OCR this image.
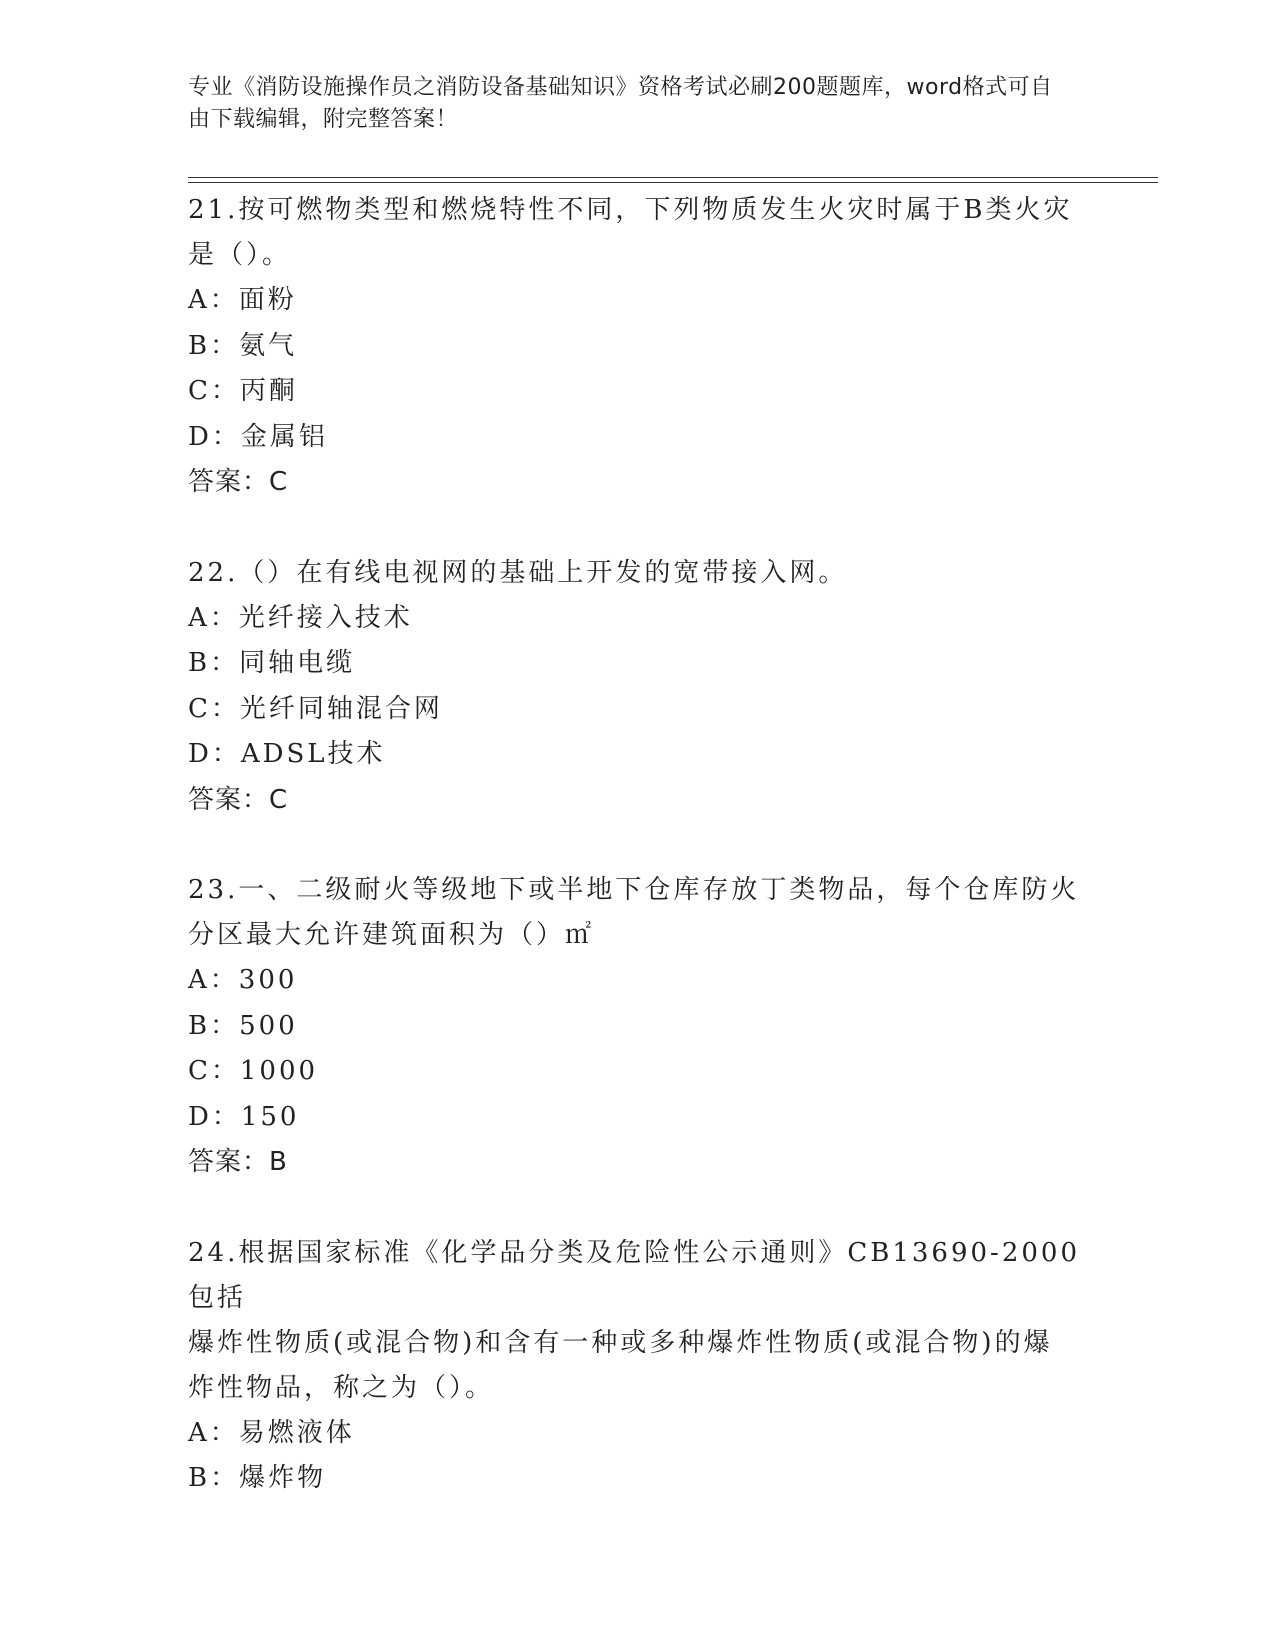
专业《消防设施操作员之消防设备基础知识》资格考试必刷200题题库，word格式可自由下载编辑，附完整答案！

21.按可燃物类型和燃烧特性不同，下列物质发生火灾时属于B类火灾

是（）。

A：面粉

B：氨气

C：丙酮

D：金属铝

答案：C

22.（）在有线电视网的基础上开发的宽带接入网。

A：光纤接入技术

B：同轴电缆

C：光纤同轴混合网

D：ADSL技术

答案：C

23.一、二级耐火等级地下或半地下仓库存放丁类物品，每个仓库防火

分区最大允许建筑面积为（）㎡

A：300

B：500

C：1000

D：150

答案：B

24.根据国家标准《化学品分类及危险性公示通则》CB13690-2000包括

爆炸性物质(或混合物)和含有一种或多种爆炸性物质(或混合物)的爆

炸性物品，称之为（）。

A：易燃液体

B：爆炸物
